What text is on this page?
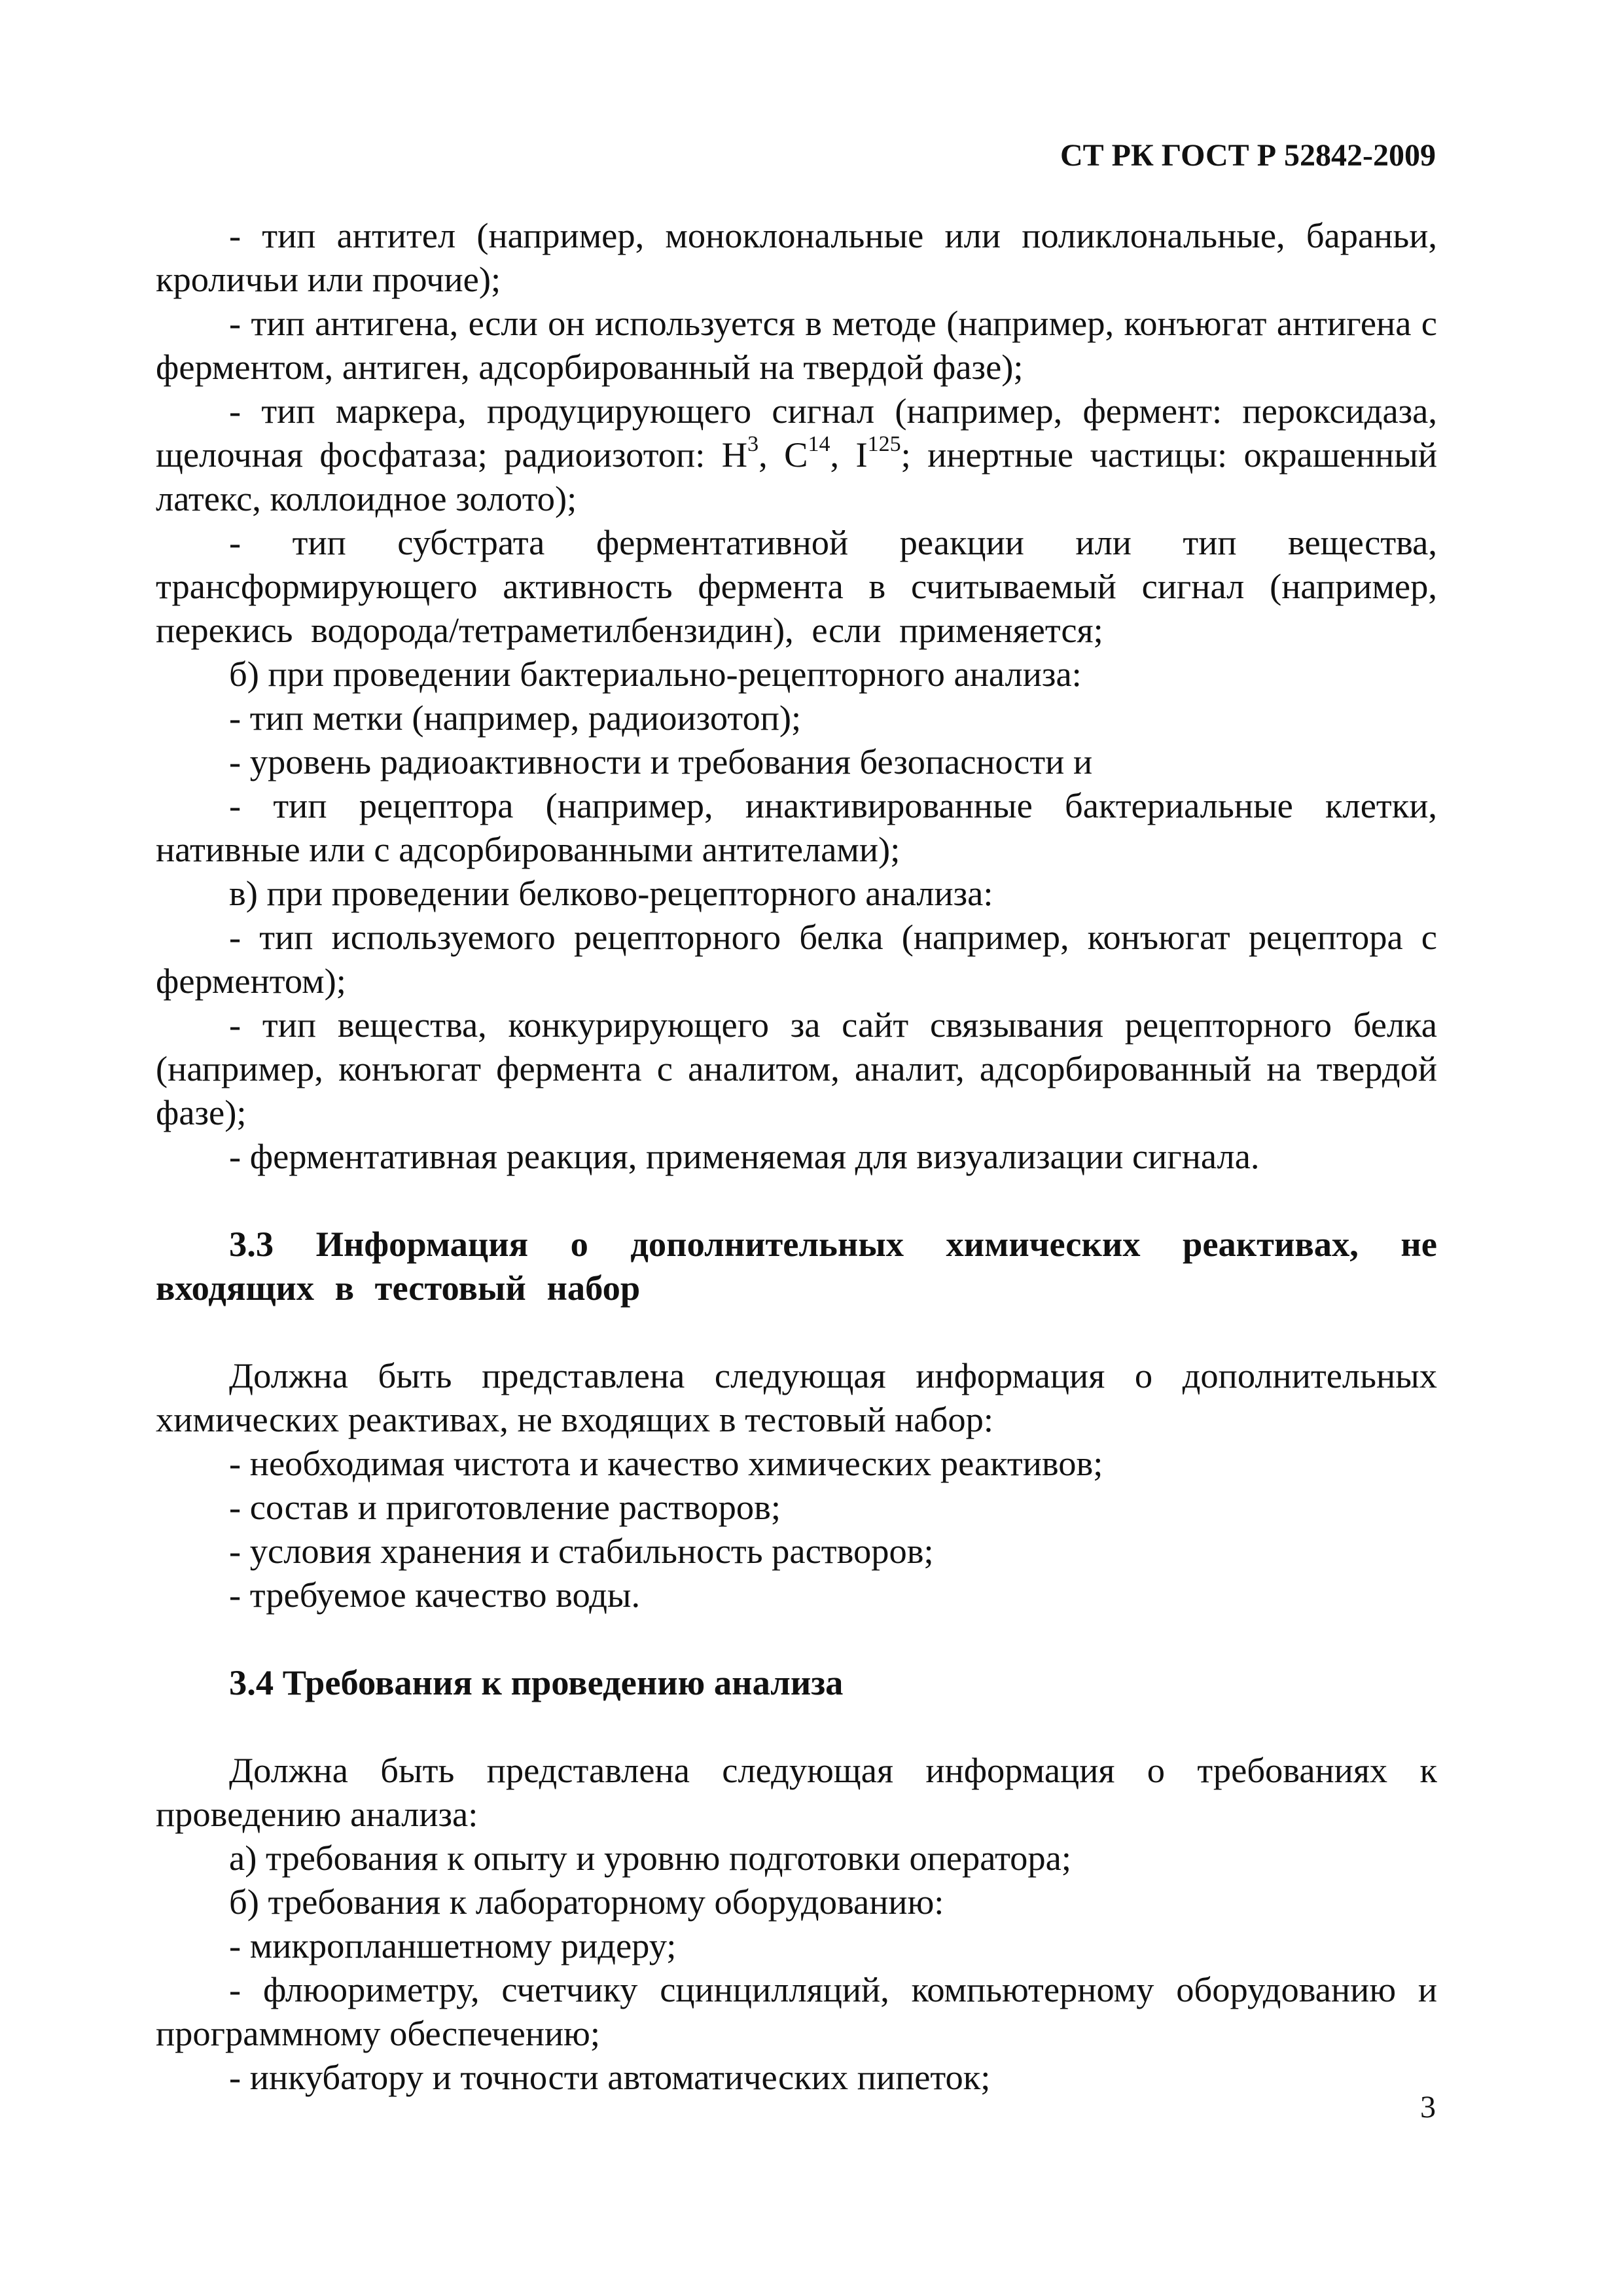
СТ РК ГОСТ Р 52842-2009

- тип антител (например, моноклональные или поликлональные, бараньи, кроличьи или прочие);

- тип антигена, если он используется в методе (например, конъюгат антигена с ферментом, антиген, адсорбированный на твердой фазе);

- тип маркера, продуцирующего сигнал (например, фермент: пероксидаза, щелочная фосфатаза; радиоизотоп: $H^3$, $C^{14}$, $I^{125}$; инертные частицы: окрашенный латекс, коллоидное золото);

- тип субстрата ферментативной реакции или тип вещества, трансформирующего активность фермента в считываемый сигнал (например, перекись водорода/тетраметилбензидин), если применяется;

б) при проведении бактериально-рецепторного анализа:

- тип метки (например, радиоизотоп);

- уровень радиоактивности и требования безопасности и

- тип рецептора (например, инактивированные бактериальные клетки, нативные или с адсорбированными антителами);

в) при проведении белково-рецепторного анализа:

- тип используемого рецепторного белка (например, конъюгат рецептора с ферментом);

- тип вещества, конкурирующего за сайт связывания рецепторного белка (например, конъюгат фермента с аналитом, аналит, адсорбированный на твердой фазе);

- ферментативная реакция, применяемая для визуализации сигнала.

3.3 Информация о дополнительных химических реактивах, не входящих в тестовый набор

Должна быть представлена следующая информация о дополнительных химических реактивах, не входящих в тестовый набор:

- необходимая чистота и качество химических реактивов;

- состав и приготовление растворов;

- условия хранения и стабильность растворов;

- требуемое качество воды.

3.4 Требования к проведению анализа

Должна быть представлена следующая информация о требованиях к проведению анализа:

а) требования к опыту и уровню подготовки оператора;

б) требования к лабораторному оборудованию:

- микропланшетному ридеру;

- флюориметру, счетчику сцинцилляций, компьютерному оборудованию и программному обеспечению;

- инкубатору и точности автоматических пипеток;

3
